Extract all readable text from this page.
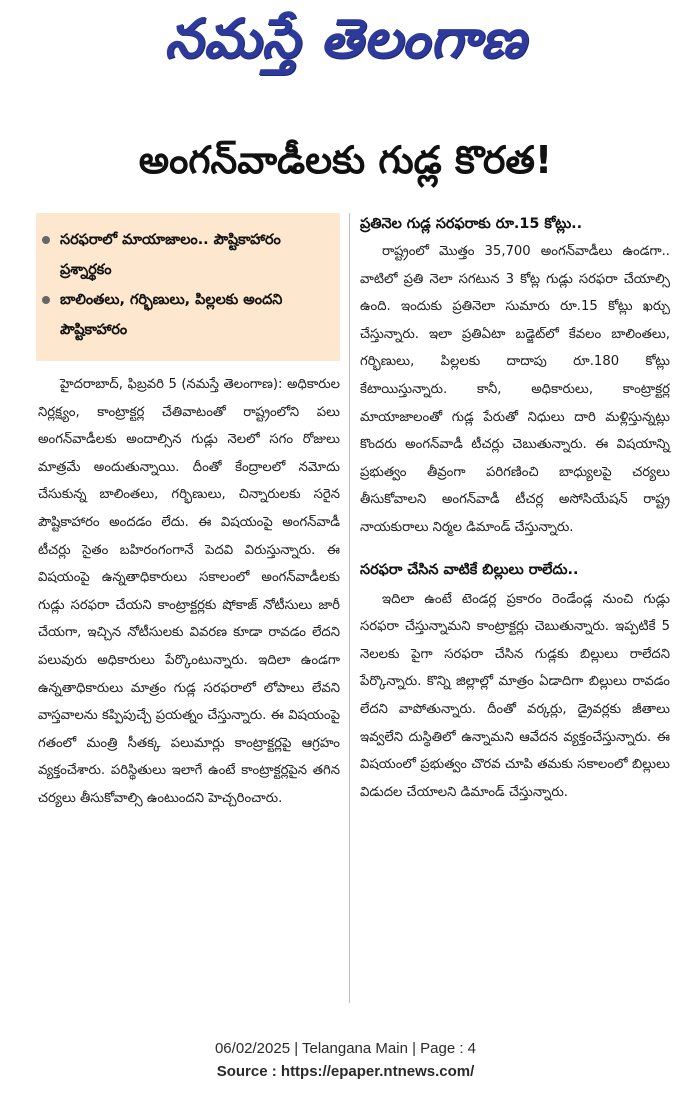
నమస్తే తెలంగాణ
అంగన్‌వాడీలకు గుడ్ల కొరత!
సరఫరాలో మాయాజాలం.. పౌష్టికాహారం ప్రశ్నార్థకం
బాలింతలు, గర్భిణులు, పిల్లలకు అందని పౌష్టికాహారం

హైదరాబాద్, ఫిబ్రవరి 5 (నమస్తే తెలంగాణ): అధికారుల నిర్లక్ష్యం, కాంట్రాక్టర్ల చేతివాటంతో రాష్ట్రంలోని పలు అంగన్‌వాడీలకు అందాల్సిన గుడ్లు నెలలో సగం రోజులు మాత్రమే అందుతున్నాయి. దీంతో కేంద్రాలలో నమోదు చేసుకున్న బాలింతలు, గర్భిణులు, చిన్నారులకు సరైన పౌష్టికాహారం అందడం లేదు. ఈ విషయంపై అంగన్‌వాడీ టీచర్లు సైతం బహిరంగంగానే పెదవి విరుస్తున్నారు. ఈ విషయంపై ఉన్నతాధికారులు సకాలంలో అంగన్‌వాడీలకు గుడ్లు సరఫరా చేయని కాంట్రాక్టర్లకు షోకాజ్ నోటీసులు జారీ చేయగా, ఇచ్చిన నోటీసులకు వివరణ కూడా రావడం లేదని పలువురు అధికారులు పేర్కొంటున్నారు. ఇదిలా ఉండగా ఉన్నతాధికారులు మాత్రం గుడ్ల సరఫరాలో లోపాలు లేవని వాస్తవాలను కప్పిపుచ్చే ప్రయత్నం చేస్తున్నారు. ఈ విషయంపై గతంలో మంత్రి సీతక్క పలుమార్లు కాంట్రాక్టర్లపై ఆగ్రహం వ్యక్తంచేశారు. పరిస్థితులు ఇలాగే ఉంటే కాంట్రాక్టర్లపైన తగిన చర్యలు తీసుకోవాల్సి ఉంటుందని హెచ్చరించారు.

ప్రతినెల గుడ్ల సరఫరాకు రూ.15 కోట్లు..

రాష్ట్రంలో మొత్తం 35,700 అంగన్‌వాడీలు ఉండగా.. వాటిలో ప్రతి నెలా సగటున 3 కోట్ల గుడ్లు సరఫరా చేయాల్సి ఉంది. ఇందుకు ప్రతినెలా సుమారు రూ.15 కోట్లు ఖర్చు చేస్తున్నారు. ఇలా ప్రతిఏటా బడ్జెట్‌లో కేవలం బాలింతలు, గర్భిణులు, పిల్లలకు దాదాపు రూ.180 కోట్లు కేటాయిస్తున్నారు. కానీ, అధికారులు, కాంట్రాక్టర్ల మాయాజాలంతో గుడ్ల పేరుతో నిధులు దారి మళ్లిస్తున్నట్లు కొందరు అంగన్‌వాడీ టీచర్లు చెబుతున్నారు. ఈ విషయాన్ని ప్రభుత్వం తీవ్రంగా పరిగణించి బాధ్యులపై చర్యలు తీసుకోవాలని అంగన్‌వాడీ టీచర్ల అసోసియేషన్ రాష్ట్ర నాయకురాలు నిర్మల డిమాండ్ చేస్తున్నారు.

సరఫరా చేసిన వాటికే బిల్లులు రాలేదు..

ఇదిలా ఉంటే టెండర్ల ప్రకారం రెండేండ్ల నుంచి గుడ్లు సరఫరా చేస్తున్నామని కాంట్రాక్టర్లు చెబుతున్నారు. ఇప్పటికే 5 నెలలకు పైగా సరఫరా చేసిన గుడ్లకు బిల్లులు రాలేదని పేర్కొన్నారు. కొన్ని జిల్లాల్లో మాత్రం ఏడాదిగా బిల్లులు రావడం లేదని వాపోతున్నారు. దీంతో వర్కర్లు, డ్రైవర్లకు జీతాలు ఇవ్వలేని దుస్థితిలో ఉన్నామని ఆవేదన వ్యక్తంచేస్తున్నారు. ఈ విషయంలో ప్రభుత్వం చొరవ చూపి తమకు సకాలంలో బిల్లులు విడుదల చేయాలని డిమాండ్ చేస్తున్నారు.

06/02/2025 | Telangana Main | Page : 4
Source : https://epaper.ntnews.com/
